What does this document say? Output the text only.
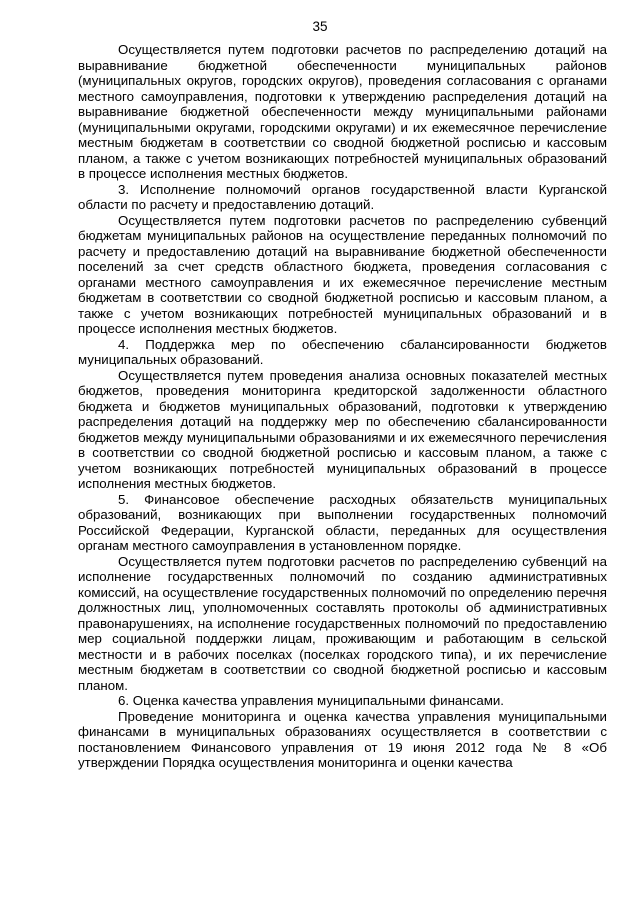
35

Осуществляется путем подготовки расчетов по распределению дотаций на выравнивание бюджетной обеспеченности муниципальных районов (муниципальных округов, городских округов), проведения согласования с органами местного самоуправления, подготовки к утверждению распределения дотаций на выравнивание бюджетной обеспеченности между муниципальными районами (муниципальными округами, городскими округами) и их ежемесячное перечисление местным бюджетам в соответствии со сводной бюджетной росписью и кассовым планом, а также с учетом возникающих потребностей муниципальных образований в процессе исполнения местных бюджетов.

3. Исполнение полномочий органов государственной власти Курганской области по расчету и предоставлению дотаций.

Осуществляется путем подготовки расчетов по распределению субвенций бюджетам муниципальных районов на осуществление переданных полномочий по расчету и предоставлению дотаций на выравнивание бюджетной обеспеченности поселений за счет средств областного бюджета, проведения согласования с органами местного самоуправления и их ежемесячное перечисление местным бюджетам в соответствии со сводной бюджетной росписью и кассовым планом, а также с учетом возникающих потребностей муниципальных образований и в процессе исполнения местных бюджетов.

4. Поддержка мер по обеспечению сбалансированности бюджетов муниципальных образований.

Осуществляется путем проведения анализа основных показателей местных бюджетов, проведения мониторинга кредиторской задолженности областного бюджета и бюджетов муниципальных образований, подготовки к утверждению распределения дотаций на поддержку мер по обеспечению сбалансированности бюджетов между муниципальными образованиями и их ежемесячного перечисления в соответствии со сводной бюджетной росписью и кассовым планом, а также с учетом возникающих потребностей муниципальных образований в процессе исполнения местных бюджетов.

5. Финансовое обеспечение расходных обязательств муниципальных образований, возникающих при выполнении государственных полномочий Российской Федерации, Курганской области, переданных для осуществления органам местного самоуправления в установленном порядке.

Осуществляется путем подготовки расчетов по распределению субвенций на исполнение государственных полномочий по созданию административных комиссий, на осуществление государственных полномочий по определению перечня должностных лиц, уполномоченных составлять протоколы об административных правонарушениях, на исполнение государственных полномочий по предоставлению мер социальной поддержки лицам, проживающим и работающим в сельской местности и в рабочих поселках (поселках городского типа), и их перечисление местным бюджетам в соответствии со сводной бюджетной росписью и кассовым планом.

6. Оценка качества управления муниципальными финансами.

Проведение мониторинга и оценка качества управления муниципальными финансами в муниципальных образованиях осуществляется в соответствии с постановлением Финансового управления от 19 июня 2012 года № 8 «Об утверждении Порядка осуществления мониторинга и оценки качества
